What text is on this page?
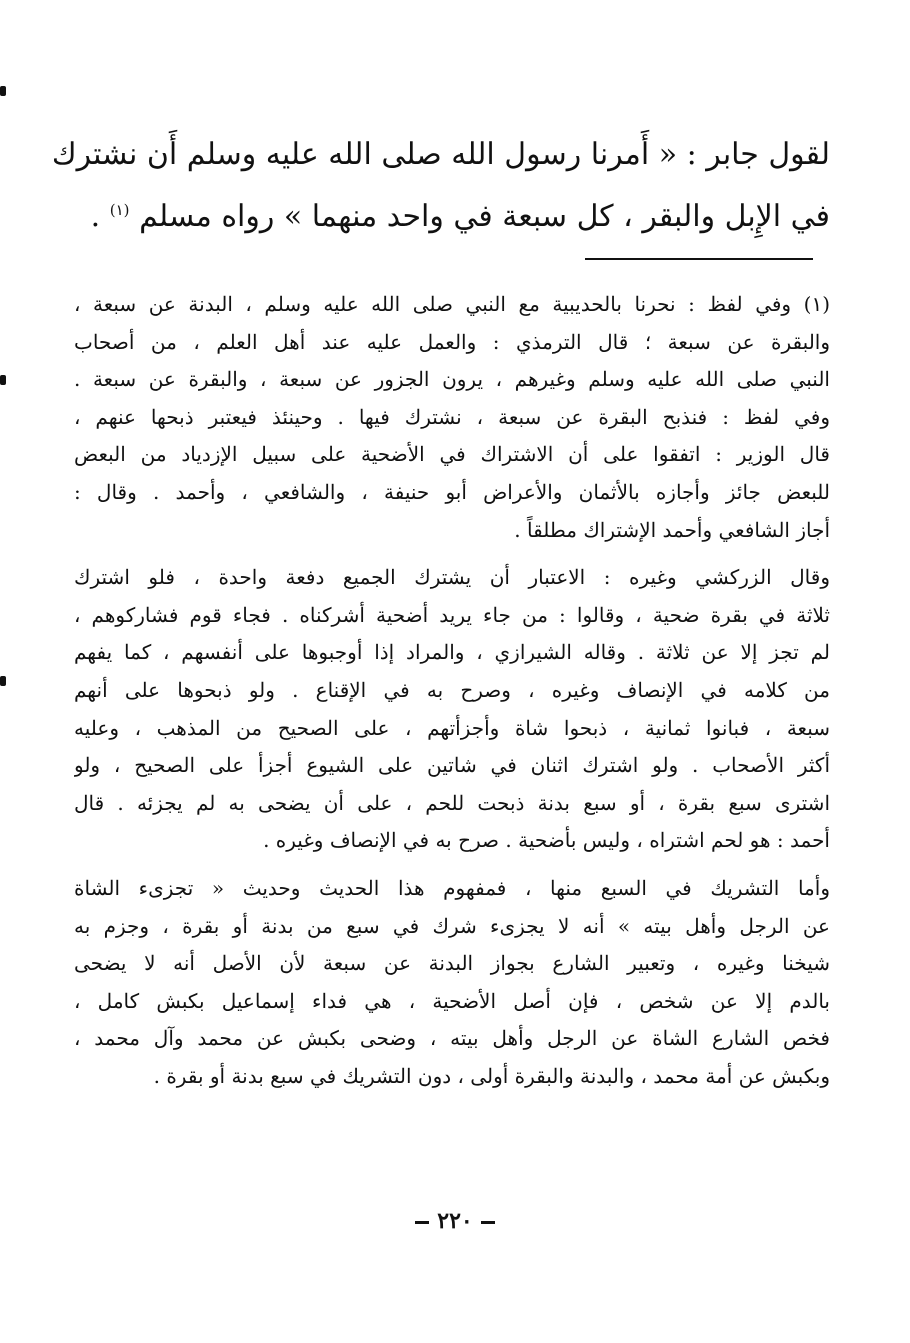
لقول جابر : « أَمرنا رسول الله صلى الله عليه وسلم أَن نشترك
في الإِبل والبقر ، كل سبعة في واحد منهما » رواه مسلم $^{(١)}$ .
(١) وفي لفظ : نحرنا بالحديبية مع النبي صلى الله عليه وسلم ، البدنة عن سبعة ،
والبقرة عن سبعة ؛ قال الترمذي : والعمل عليه عند أهل العلم ، من أصحاب
النبي صلى الله عليه وسلم وغيرهم ، يرون الجزور عن سبعة ، والبقرة عن سبعة .
وفي لفظ : فنذبح البقرة عن سبعة ، نشترك فيها . وحينئذ فيعتبر ذبحها عنهم ،
قال الوزير : اتفقوا على أن الاشتراك في الأضحية على سبيل الإزدياد من البعض
للبعض جائز وأجازه بالأثمان والأعراض أبو حنيفة ، والشافعي ، وأحمد . وقال :
أجاز الشافعي وأحمد الإشتراك مطلقاً .
وقال الزركشي وغيره : الاعتبار أن يشترك الجميع دفعة واحدة ، فلو اشترك
ثلاثة في بقرة ضحية ، وقالوا : من جاء يريد أضحية أشركناه . فجاء قوم فشاركوهم ،
لم تجز إلا عن ثلاثة . وقاله الشيرازي ، والمراد إذا أوجبوها على أنفسهم ، كما يفهم
من كلامه في الإنصاف وغيره ، وصرح به في الإقناع . ولو ذبحوها على أنهم
سبعة ، فبانوا ثمانية ، ذبحوا شاة وأجزأتهم ، على الصحيح من المذهب ، وعليه
أكثر الأصحاب . ولو اشترك اثنان في شاتين على الشيوع أجزأ على الصحيح ، ولو
اشترى سبع بقرة ، أو سبع بدنة ذبحت للحم ، على أن يضحى به لم يجزئه . قال
أحمد : هو لحم اشتراه ، وليس بأضحية . صرح به في الإنصاف وغيره .
وأما التشريك في السبع منها ، فمفهوم هذا الحديث وحديث « تجزىء الشاة
عن الرجل وأهل بيته » أنه لا يجزىء شرك في سبع من بدنة أو بقرة ، وجزم به
شيخنا وغيره ، وتعبير الشارع بجواز البدنة عن سبعة لأن الأصل أنه لا يضحى
بالدم إلا عن شخص ، فإن أصل الأضحية ، هي فداء إسماعيل بكبش كامل ،
فخص الشارع الشاة عن الرجل وأهل بيته ، وضحى بكبش عن محمد وآل محمد ،
وبكبش عن أمة محمد ، والبدنة والبقرة أولى ، دون التشريك في سبع بدنة أو بقرة .
٢٢٠
